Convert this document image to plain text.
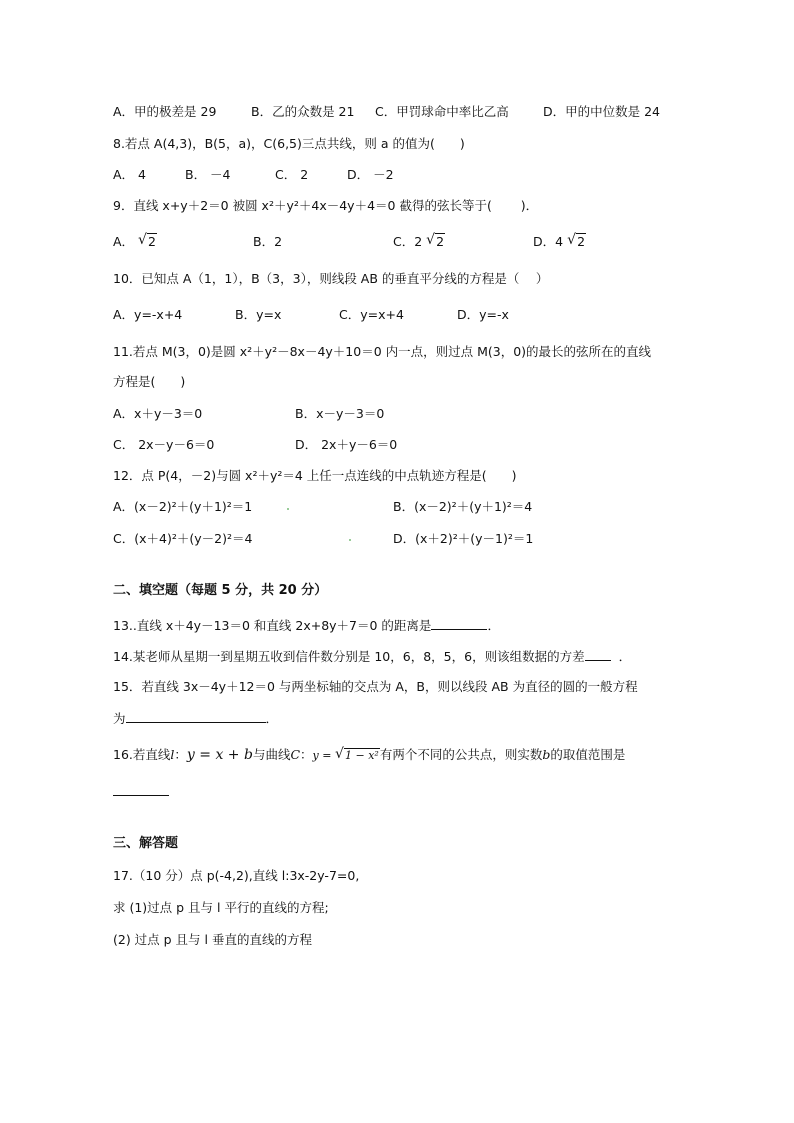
A．甲的极差是 29	B．乙的众数是 21 C．甲罚球命中率比乙高	D．甲的中位数是 24
8.若点 A(4,3)，B(5，a)，C(6,5)三点共线，则 a 的值为(　　)
A． 4	B． －4	C． 2	D． －2
9．直线 x+y＋2＝0 被圆 x²＋y²＋4x－4y＋4＝0 截得的弦长等于(　　 )．
A． √ 2	B．2	C．2 √ 2	D．4 √ 2
10．已知点 A（1，1），B（3，3），则线段 AB 的垂直平分线的方程是（　 ）
A．y=-x+4	B．y=x	C．y=x+4	D．y=-x
11.若点 M(3，0)是圆 x²＋y²－8x－4y＋10＝0 内一点，则过点 M(3，0)的最长的弦所在的直线
方程是(　　)
A．x＋y－3＝0	B．x－y－3＝0
C． 2x－y－6＝0	D． 2x＋y－6＝0
12．点 P(4，－2)与圆 x²＋y²＝4 上任一点连线的中点轨迹方程是(　　)
A．(x－2)²＋(y＋1)²＝1	B．(x－2)²＋(y＋1)²＝4
C．(x＋4)²＋(y－2)²＝4	D．(x＋2)²＋(y－1)²＝1
二、填空题（每题 5 分，共 20 分）
13..直线 x＋4y－13＝0 和直线 2x+8y＋7＝0 的距离是	．
14.某老师从星期一到星期五收到信件数分别是 10，6，8，5，6，则该组数据的方差	．
15．若直线 3x－4y＋12＝0 与两坐标轴的交点为 A，B，则以线段 AB 为直径的圆的一般方程
为	．
16.若直线l：y = x + b与曲线C：y = √ 1 − x²有两个不同的公共点，则实数b的取值范围是
三、解答题
17.（10 分）点 p(-4,2),直线 l:3x-2y-7=0,
求 (1)过点 p 且与 l 平行的直线的方程;
(2) 过点 p 且与 l 垂直的直线的方程
